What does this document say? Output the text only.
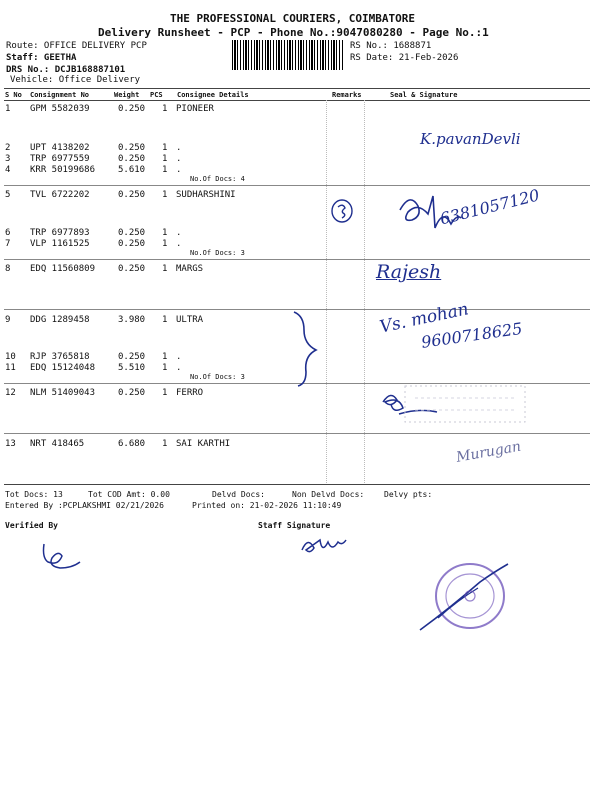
THE PROFESSIONAL COURIERS, COIMBATORE
Delivery Runsheet - PCP - Phone No.:9047080280 - Page No.:1
Route: OFFICE DELIVERY PCP
Staff: GEETHA
DRS No.: DCJB168887101
Vehicle: Office Delivery
RS No.: 1688871
RS Date: 21-Feb-2026
S No Consignment No	Weight PCS Consignee Details	Remarks	Seal & Signature
1 GPM 5582039	0.250 1 PIONEER
2 UPT 4138202	0.250 1 .
3 TRP 6977559	0.250 1 .
4 KRR 50199686	5.610 1 .
No.Of Docs: 4
5 TVL 6722202	0.250 1 SUDHARSHINI
6 TRP 6977893	0.250 1 .
7 VLP 1161525	0.250 1 .
No.Of Docs: 3
8 EDQ 11560809	0.250 1 MARGS
9 DDG 1289458	3.980 1 ULTRA
10 RJP 3765818	0.250 1 .
11 EDQ 15124048	5.510 1 .
No.Of Docs: 3
12 NLM 51409043	0.250 1 FERRO
13 NRT 418465	6.680 1 SAI KARTHI
K.pavanDevli
6381057120
Rajesh
Vs. mohan
9600718625
Murugan
Tot Docs: 13	Tot COD Amt: 0.00	Delvd Docs:	Non Delvd Docs: Delvy pts:
Entered By :PCPLAKSHMI 02/21/2026	Printed on: 21-02-2026 11:10:49
Verified By	Staff Signature
